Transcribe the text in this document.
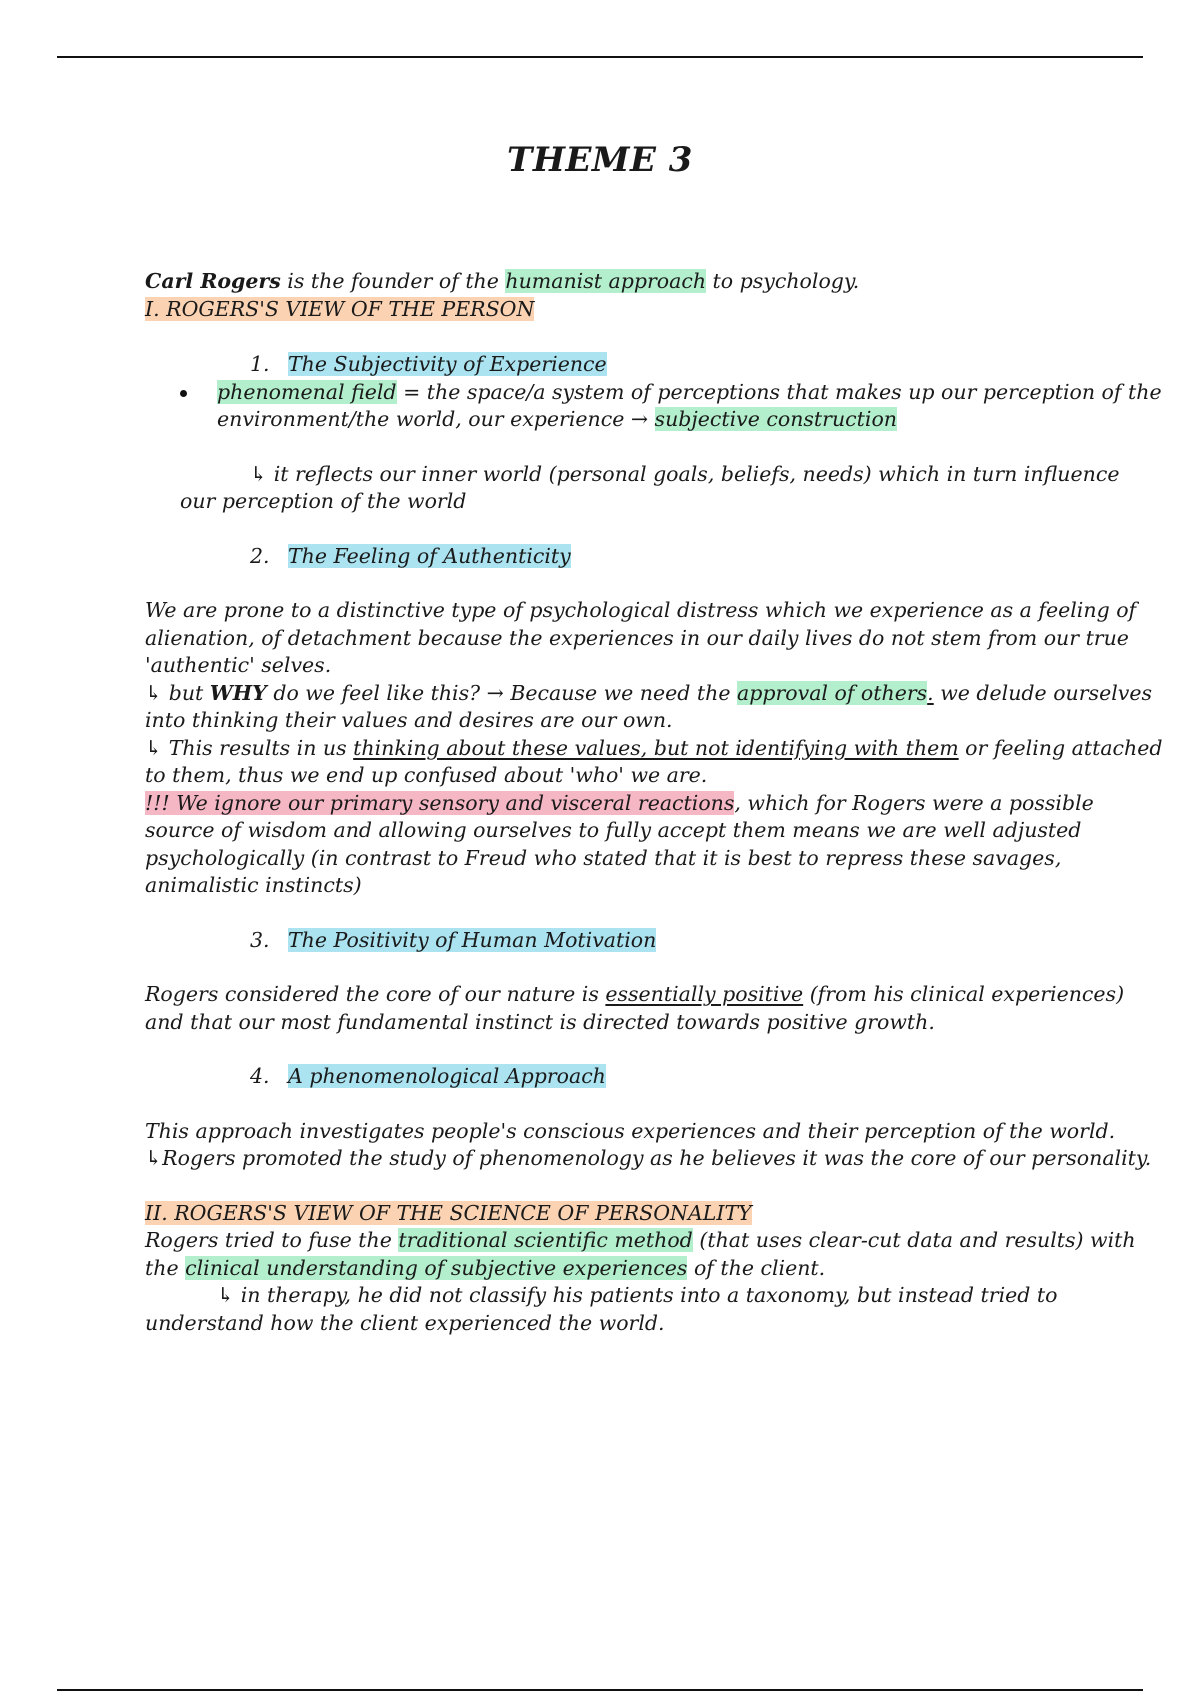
THEME 3
Carl Rogers is the founder of the humanist approach to psychology.
I. ROGERS'S VIEW OF THE PERSON
1. The Subjectivity of Experience
phenomenal field = the space/a system of perceptions that makes up our perception of the
environment/the world, our experience → subjective construction
↳ it reflects our inner world (personal goals, beliefs, needs) which in turn influence
our perception of the world
2. The Feeling of Authenticity
We are prone to a distinctive type of psychological distress which we experience as a feeling of
alienation, of detachment because the experiences in our daily lives do not stem from our true
'authentic' selves.
↳ but WHY do we feel like this? → Because we need the approval of others. we delude ourselves
into thinking their values and desires are our own.
↳ This results in us thinking about these values, but not identifying with them or feeling attached
to them, thus we end up confused about 'who' we are.
!!! We ignore our primary sensory and visceral reactions, which for Rogers were a possible
source of wisdom and allowing ourselves to fully accept them means we are well adjusted
psychologically (in contrast to Freud who stated that it is best to repress these savages,
animalistic instincts)
3. The Positivity of Human Motivation
Rogers considered the core of our nature is essentially positive (from his clinical experiences)
and that our most fundamental instinct is directed towards positive growth.
4. A phenomenological Approach
This approach investigates people's conscious experiences and their perception of the world.
↳Rogers promoted the study of phenomenology as he believes it was the core of our personality.
II. ROGERS'S VIEW OF THE SCIENCE OF PERSONALITY
Rogers tried to fuse the traditional scientific method (that uses clear-cut data and results) with
the clinical understanding of subjective experiences of the client.
↳ in therapy, he did not classify his patients into a taxonomy, but instead tried to
understand how the client experienced the world.
